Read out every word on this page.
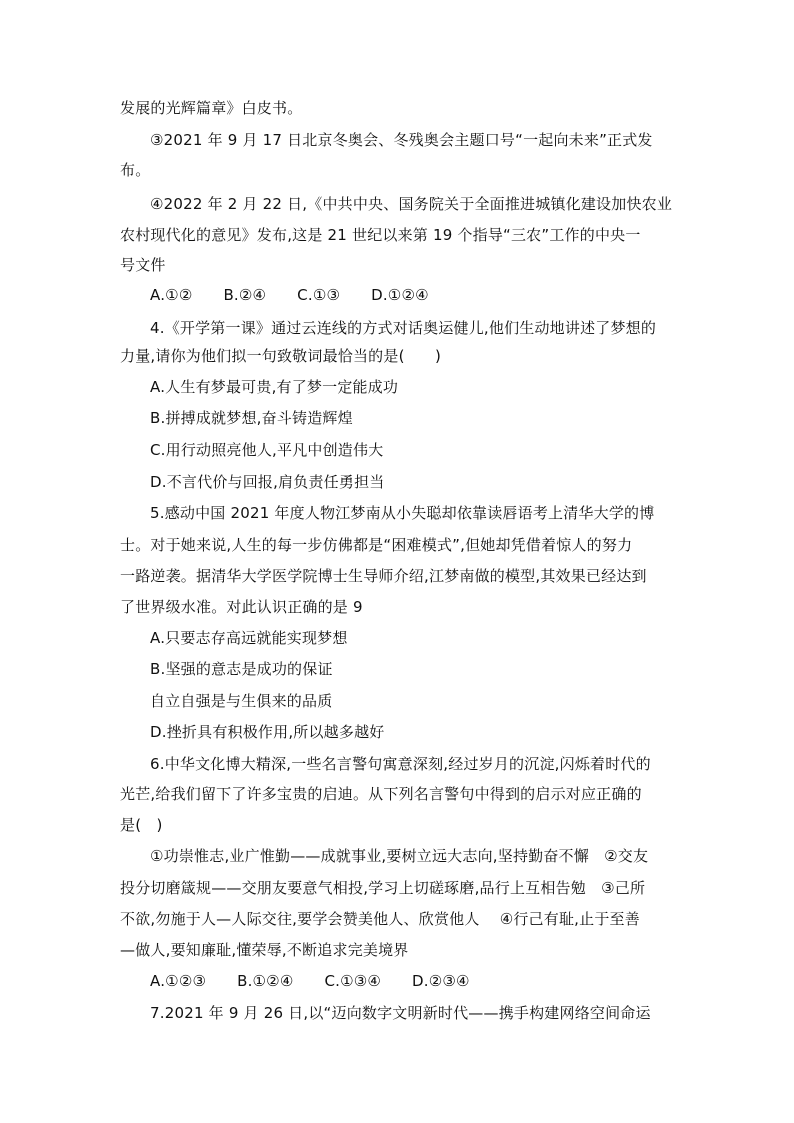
发展的光辉篇章》白皮书。
③2021 年 9 月 17 日北京冬奥会、冬残奥会主题口号“一起向未来”正式发
布。
④2022 年 2 月 22 日,《中共中央、国务院关于全面推进城镇化建设加快农业
农村现代化的意见》发布,这是 21 世纪以来第 19 个指导“三农”工作的中央一
号文件
A.①② B.②④ C.①③ D.①②④
4.《开学第一课》通过云连线的方式对话奥运健儿,他们生动地讲述了梦想的
力量,请你为他们拟一句致敬词最恰当的是(　　)
A.人生有梦最可贵,有了梦一定能成功
B.拼搏成就梦想,奋斗铸造辉煌
C.用行动照亮他人,平凡中创造伟大
D.不言代价与回报,肩负责任勇担当
5.感动中国 2021 年度人物江梦南从小失聪却依靠读唇语考上清华大学的博
士。对于她来说,人生的每一步仿佛都是“困难模式”,但她却凭借着惊人的努力
一路逆袭。据清华大学医学院博士生导师介绍,江梦南做的模型,其效果已经达到
了世界级水准。对此认识正确的是 9
A.只要志存高远就能实现梦想
B.坚强的意志是成功的保证
自立自强是与生俱来的品质
D.挫折具有积极作用,所以越多越好
6.中华文化博大精深,一些名言警句寓意深刻,经过岁月的沉淀,闪烁着时代的
光芒,给我们留下了许多宝贵的启迪。从下列名言警句中得到的启示对应正确的
是(　)
①功崇惟志,业广惟勤——成就事业,要树立远大志向,坚持勤奋不懈　②交友
投分切磨箴规——交朋友要意气相投,学习上切磋琢磨,品行上互相告勉　③己所
不欲,勿施于人—人际交往,要学会赞美他人、欣赏他人　 ④行己有耻,止于至善
—做人,要知廉耻,懂荣辱,不断追求完美境界
A.①②③ B.①②④ C.①③④ D.②③④
7.2021 年 9 月 26 日,以“迈向数字文明新时代——携手构建网络空间命运
